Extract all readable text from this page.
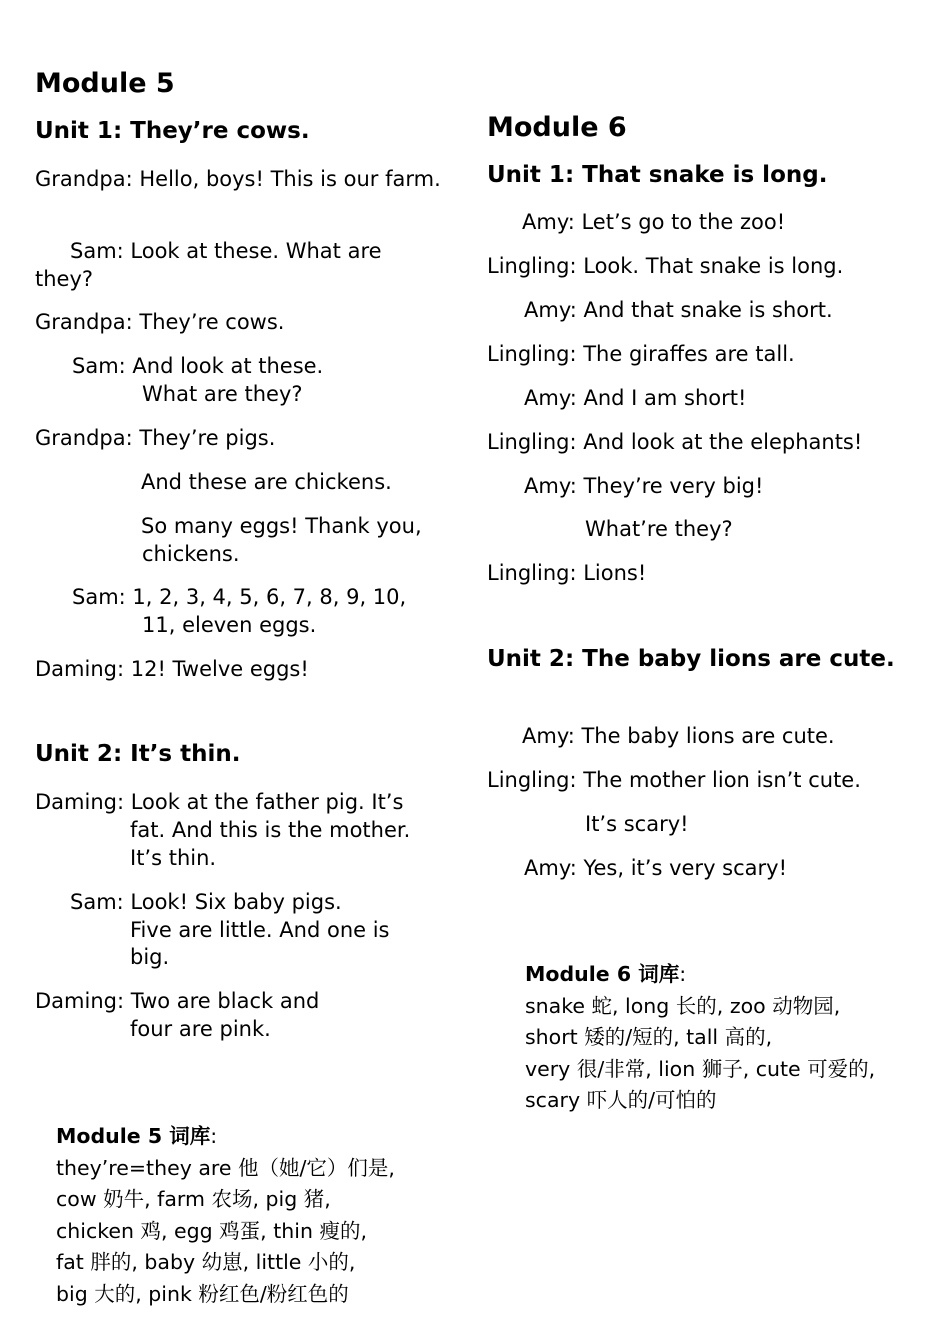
Module 5
Unit 1: They’re cows.
Grandpa: Hello, boys! This is our farm.
Sam: Look at these. What are
they?
Grandpa: They’re cows.
Sam: And look at these.
What are they?
Grandpa: They’re pigs.
And these are chickens.
So many eggs! Thank you,
chickens.
Sam: 1, 2, 3, 4, 5, 6, 7, 8, 9, 10,
11, eleven eggs.
Daming: 12! Twelve eggs!
Unit 2: It’s thin.
Daming: Look at the father pig. It’s
fat. And this is the mother.
It’s thin.
Sam: Look! Six baby pigs.
Five are little. And one is
big.
Daming: Two are black and
four are pink.
Module 5 词库:
they’re=they are 他（她/它）们是,
cow 奶牛, farm 农场, pig 猪,
chicken 鸡, egg 鸡蛋, thin 瘦的,
fat 胖的, baby 幼崽, little 小的,
big 大的, pink 粉红色/粉红色的
Module 6
Unit 1: That snake is long.
Amy: Let’s go to the zoo!
Lingling: Look. That snake is long.
Amy: And that snake is short.
Lingling: The giraffes are tall.
Amy: And I am short!
Lingling: And look at the elephants!
Amy: They’re very big!
What’re they?
Lingling: Lions!
Unit 2: The baby lions are cute.
Amy: The baby lions are cute.
Lingling: The mother lion isn’t cute.
It’s scary!
Amy: Yes, it’s very scary!
Module 6 词库:
snake 蛇, long 长的, zoo 动物园,
short 矮的/短的, tall 高的,
very 很/非常, lion 狮子, cute 可爱的,
scary 吓人的/可怕的
